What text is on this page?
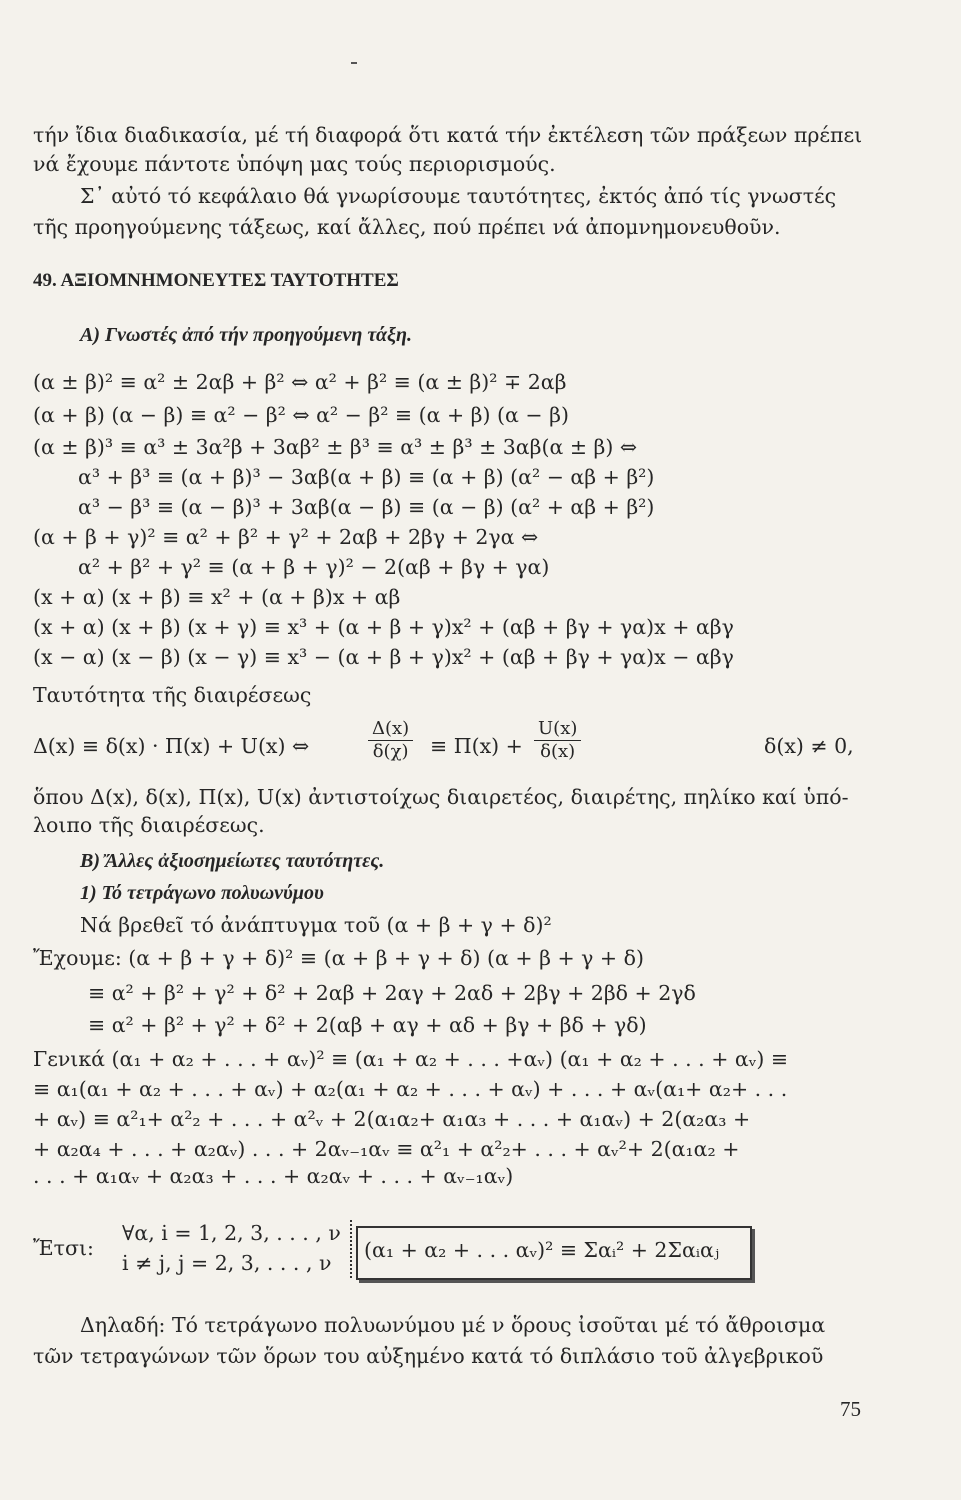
τήν ἴδια διαδικασία, μέ τή διαφορά ὅτι κατά τήν ἐκτέλεση τῶν πράξεων πρέπει
νά ἔχουμε πάντοτε ὑπόψη μας τούς περιορισμούς.
Σ᾽ αὐτό τό κεφάλαιο θά γνωρίσουμε ταυτότητες, ἐκτός ἀπό τίς γνωστές
τῆς προηγούμενης τάξεως, καί ἄλλες, πού πρέπει νά ἀπομνημονευθοῦν.
49. ΑΞΙΟΜΝΗΜΟΝΕΥΤΕΣ ΤΑΥΤΟΤΗΤΕΣ
Α) Γνωστές ἀπό τήν προηγούμενη τάξη.
(α ± β)² ≡ α² ± 2αβ + β² ⇔ α² + β² ≡ (α ± β)² ∓ 2αβ
(α + β) (α − β) ≡ α² − β² ⇔ α² − β² ≡ (α + β) (α − β)
(α ± β)³ ≡ α³ ± 3α²β + 3αβ² ± β³ ≡ α³ ± β³ ± 3αβ(α ± β) ⇔
α³ + β³ ≡ (α + β)³ − 3αβ(α + β) ≡ (α + β) (α² − αβ + β²)
α³ − β³ ≡ (α − β)³ + 3αβ(α − β) ≡ (α − β) (α² + αβ + β²)
(α + β + γ)² ≡ α² + β² + γ² + 2αβ + 2βγ + 2γα ⇔
α² + β² + γ² ≡ (α + β + γ)² − 2(αβ + βγ + γα)
(x + α) (x + β) ≡ x² + (α + β)x + αβ
(x + α) (x + β) (x + γ) ≡ x³ + (α + β + γ)x² + (αβ + βγ + γα)x + αβγ
(x − α) (x − β) (x − γ) ≡ x³ − (α + β + γ)x² + (αβ + βγ + γα)x − αβγ
Ταυτότητα τῆς διαιρέσεως
Δ(x) ≡ δ(x) · Π(x) + U(x) ⇔	$\frac{\Delta(x)}{\delta(\chi)} \equiv \Pi(x) + \frac{U(x)}{\delta(x)}$	δ(x) ≠ 0,
ὅπου Δ(x), δ(x), Π(x), U(x) ἀντιστοίχως διαιρετέος, διαιρέτης, πηλίκο καί ὑπό-
λοιπο τῆς διαιρέσεως.
Β) Ἄλλες ἀξιοσημείωτες ταυτότητες.
1) Τό τετράγωνο πολυωνύμου
Νά βρεθεῖ τό ἀνάπτυγμα τοῦ (α + β + γ + δ)²
Ἔχουμε: (α + β + γ + δ)² ≡ (α + β + γ + δ) (α + β + γ + δ)
≡ α² + β² + γ² + δ² + 2αβ + 2αγ + 2αδ + 2βγ + 2βδ + 2γδ
≡ α² + β² + γ² + δ² + 2(αβ + αγ + αδ + βγ + βδ + γδ)
Γενικά (α₁ + α₂ + . . . + αᵥ)² ≡ (α₁ + α₂ + . . . +αᵥ) (α₁ + α₂ + . . . + αᵥ) ≡
≡ α₁(α₁ + α₂ + . . . + αᵥ) + α₂(α₁ + α₂ + . . . + αᵥ) + . . . + αᵥ(α₁+ α₂+ . . .
+ αᵥ) ≡ α²₁+ α²₂ + . . . + α²ᵥ + 2(α₁α₂+ α₁α₃ + . . . + α₁αᵥ) + 2(α₂α₃ +
+ α₂α₄ + . . . + α₂αᵥ) . . . + 2αᵥ₋₁αᵥ ≡ α²₁ + α²₂+ . . . + αᵥ²+ 2(α₁α₂ +
. . . + α₁αᵥ + α₂α₃ + . . . + α₂αᵥ + . . . + αᵥ₋₁αᵥ)
Ἔτσι:
∀α, i = 1, 2, 3, . . . , ν
i ≠ j, j = 2, 3, . . . , ν
(α₁ + α₂ + . . . αᵥ)² ≡ Σαᵢ² + 2Σαᵢαⱼ
Δηλαδή: Τό τετράγωνο πολυωνύμου μέ ν ὅρους ἰσοῦται μέ τό ἄθροισμα
τῶν τετραγώνων τῶν ὅρων του αὐξημένο κατά τό διπλάσιο τοῦ ἀλγεβρικοῦ
75
